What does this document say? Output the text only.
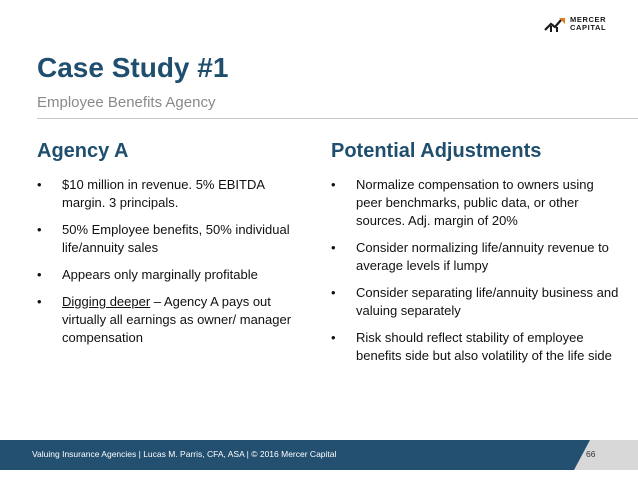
MERCER
CAPITAL
Case Study #1
Employee Benefits Agency
Agency A	Potential Adjustments
• $10 million in revenue. 5% EBITDA margin. 3 principals.
• 50% Employee benefits, 50% individual life/annuity sales
• Appears only marginally profitable
• Digging deeper – Agency A pays out virtually all earnings as owner/ manager compensation
• Normalize compensation to owners using peer benchmarks, public data, or other sources. Adj. margin of 20%
• Consider normalizing life/annuity revenue to average levels if lumpy
• Consider separating life/annuity business and valuing separately
• Risk should reflect stability of employee benefits side but also volatility of the life side
Valuing Insurance Agencies | Lucas M. Parris, CFA, ASA | © 2016 Mercer Capital	66
